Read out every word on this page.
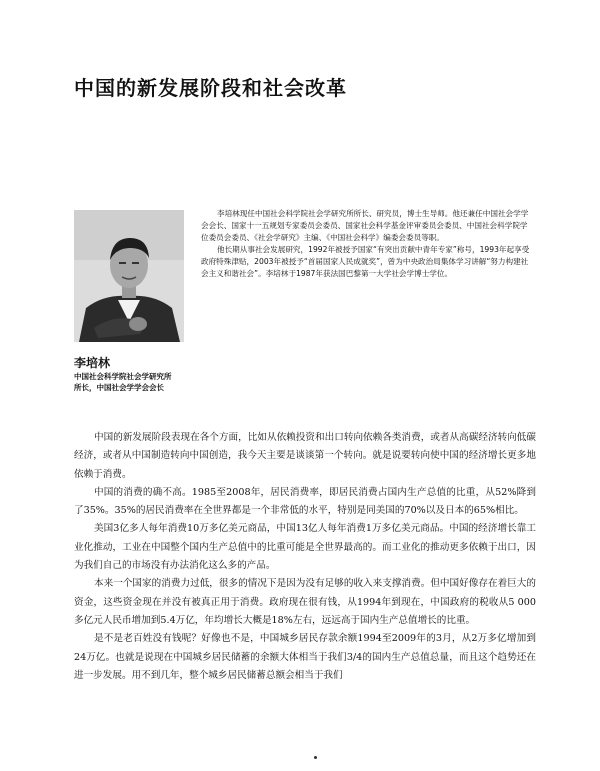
中国的新发展阶段和社会改革
李培林
中国社会科学院社会学研究所
所长，中国社会学学会会长

李培林现任中国社会科学院社会学研究所所长、研究员，博士生导师。他还兼任中国社会学学会会长、国家十一五规划专家委员会委员、国家社会科学基金评审委员会委员、中国社会科学院学位委员会委员、《社会学研究》主编、《中国社会科学》编委会委员等职。

他长期从事社会发展研究，1992年被授予国家“有突出贡献中青年专家”称号，1993年起享受政府特殊津贴，2003年被授予“首届国家人民成就奖”，曾为中央政治局集体学习讲解“努力构建社会主义和谐社会”。李培林于1987年获法国巴黎第一大学社会学博士学位。

中国的新发展阶段表现在各个方面，比如从依赖投资和出口转向依赖各类消费，或者从高碳经济转向低碳经济，或者从中国制造转向中国创造，我今天主要是谈谈第一个转向。就是说要转向使中国的经济增长更多地依赖于消费。

中国的消费的确不高。1985至2008年，居民消费率，即居民消费占国内生产总值的比重，从52%降到了35%。35%的居民消费率在全世界都是一个非常低的水平，特别是同美国的70%以及日本的65%相比。

美国3亿多人每年消费10万多亿美元商品，中国13亿人每年消费1万多亿美元商品。中国的经济增长靠工业化推动，工业在中国整个国内生产总值中的比重可能是全世界最高的。而工业化的推动更多依赖于出口，因为我们自己的市场没有办法消化这么多的产品。

本来一个国家的消费力过低，很多的情况下是因为没有足够的收入来支撑消费。但中国好像存在着巨大的资金，这些资金现在并没有被真正用于消费。政府现在很有钱，从1994年到现在，中国政府的税收从5 000多亿元人民币增加到5.4万亿，年均增长大概是18%左右，远远高于国内生产总值增长的比重。

是不是老百姓没有钱呢？好像也不是，中国城乡居民存款余额1994至2009年的3月，从2万多亿增加到24万亿。也就是说现在中国城乡居民储蓄的余额大体相当于我们3/4的国内生产总值总量，而且这个趋势还在进一步发展。用不到几年，整个城乡居民储蓄总额会相当于我们
